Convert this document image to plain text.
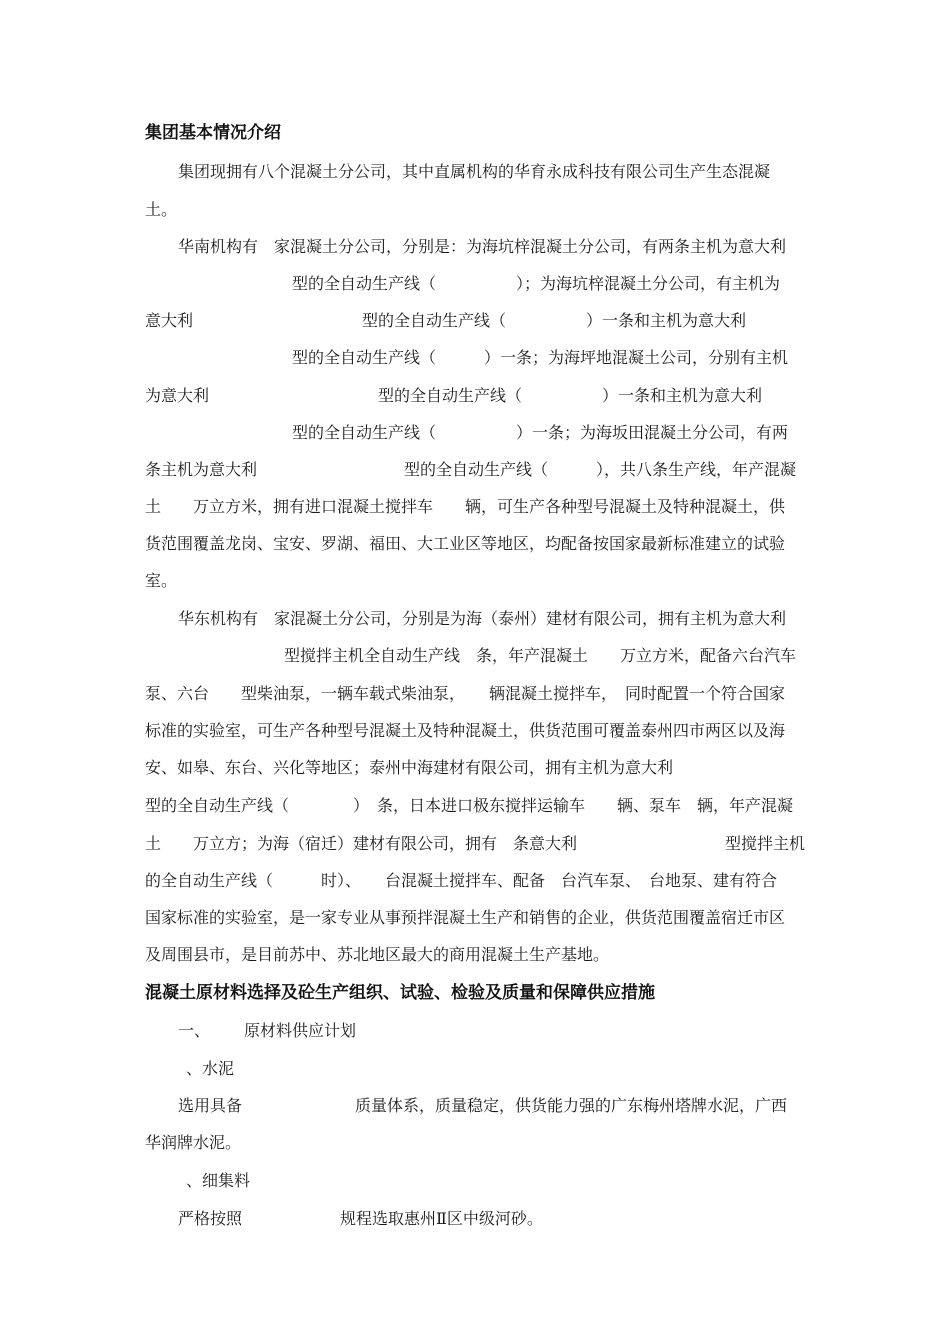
集团基本情况介绍
集团现拥有八个混凝土分公司，其中直属机构的华育永成科技有限公司生产生态混凝
土。
华南机构有　家混凝土分公司，分别是：为海坑梓混凝土分公司，有两条主机为意大利
型的全自动生产线（　　　　　）；为海坑梓混凝土分公司，有主机为
意大利	型的全自动生产线（　　　　　）一条和主机为意大利
型的全自动生产线（　　　）一条；为海坪地混凝土公司，分别有主机
为意大利	型的全自动生产线（　　　　　）一条和主机为意大利
型的全自动生产线（　　　　　）一条；为海坂田混凝土分公司，有两
条主机为意大利	型的全自动生产线（　　　），共八条生产线，年产混凝
土　　万立方米，拥有进口混凝土搅拌车　　辆，可生产各种型号混凝土及特种混凝土，供
货范围覆盖龙岗、宝安、罗湖、福田、大工业区等地区，均配备按国家最新标准建立的试验
室。
华东机构有　家混凝土分公司，分别是为海（泰州）建材有限公司，拥有主机为意大利
型搅拌主机全自动生产线　条，年产混凝土　　万立方米，配备六台汽车
泵、六台　　型柴油泵，一辆车载式柴油泵，　　辆混凝土搅拌车，　同时配置一个符合国家
标准的实验室，可生产各种型号混凝土及特种混凝土，供货范围可覆盖泰州四市两区以及海
安、如皋、东台、兴化等地区；泰州中海建材有限公司，拥有主机为意大利
型的全自动生产线（　　　　）　条，日本进口极东搅拌运输车　　辆、泵车　辆，年产混凝
土　　万立方；为海（宿迁）建材有限公司，拥有　条意大利	型搅拌主机
的全自动生产线（　　　时）、　　台混凝土搅拌车、配备　台汽车泵、　台地泵、建有符合
国家标准的实验室，是一家专业从事预拌混凝土生产和销售的企业，供货范围覆盖宿迁市区
及周围县市，是目前苏中、苏北地区最大的商用混凝土生产基地。
混凝土原材料选择及砼生产组织、试验、检验及质量和保障供应措施
一、 原材料供应计划
、水泥
选用具备	质量体系，质量稳定，供货能力强的广东梅州塔牌水泥，广西
华润牌水泥。
、细集料
严格按照	规程选取惠州Ⅱ区中级河砂。
